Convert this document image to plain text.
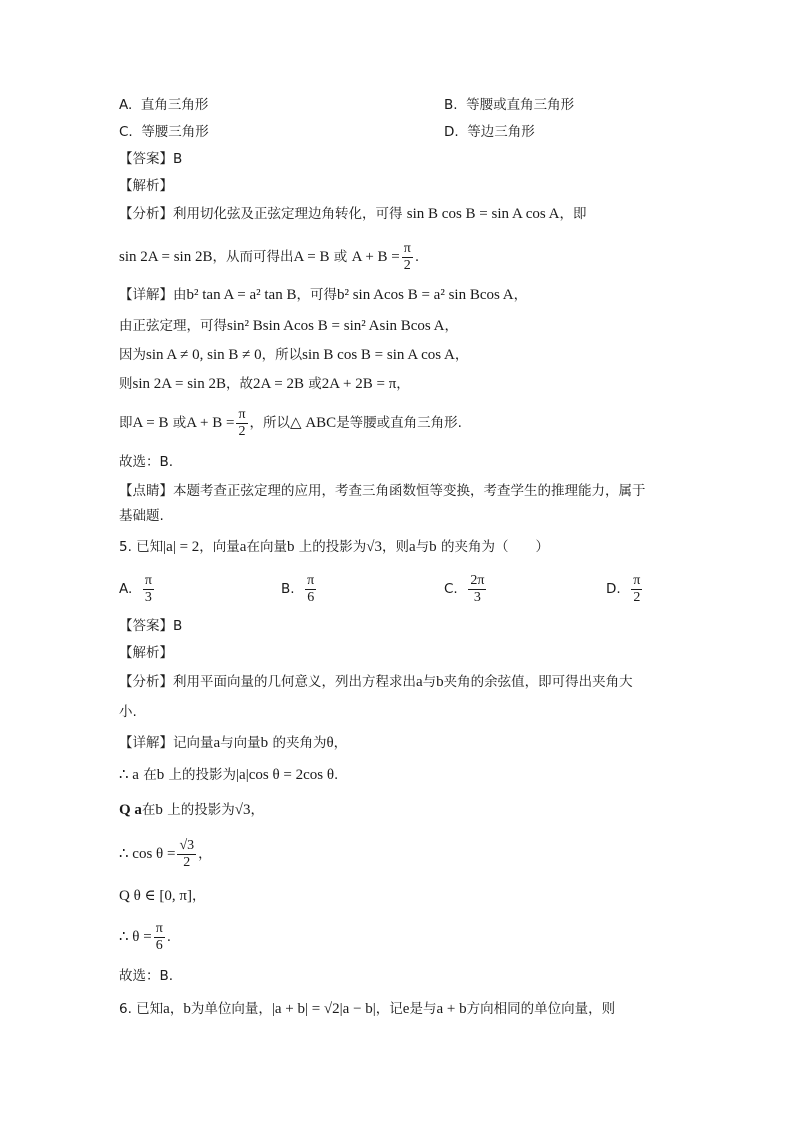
A. 直角三角形	B. 等腰或直角三角形
C. 等腰三角形	D. 等边三角形
【答案】B
【解析】
【分析】利用切化弦及正弦定理边角转化，可得 sin B cos B = sin A cos A，即
sin 2A = sin 2B，从而可得出A = B 或 $A + B = \frac{\pi}{2}$ .
【详解】由b² tan A = a² tan B，可得b² sin Acos B = a² sin Bcos A，
由正弦定理，可得sin² Bsin Acos B = sin² Asin Bcos A，
因为sin A ≠ 0, sin B ≠ 0，所以sin B cos B = sin A cos A，
则sin 2A = sin 2B，故2A = 2B 或2A + 2B = π，
即A = B 或$A + B = \frac{\pi}{2}$ ，所以△ ABC是等腰或直角三角形.
故选：B.
【点睛】本题考查正弦定理的应用，考查三角函数恒等变换，考查学生的推理能力，属于
基础题.
5. 已知|a| = 2，向量a在向量b 上的投影为√3，则a与b 的夹角为（　　）
A. $\frac{\pi}{3}$	B. $\frac{\pi}{6}$	C. $\frac{2\pi}{3}$	D. $\frac{\pi}{2}$
【答案】B
【解析】
【分析】利用平面向量的几何意义，列出方程求出a与b夹角的余弦值，即可得出夹角大
小.
【详解】记向量a与向量b 的夹角为θ，
∴ a 在b 上的投影为|a|cos θ = 2cos θ.
Q a在b 上的投影为√3，
∴ $\cos \theta = \frac{√3}{2}$ ，
Q θ ∈ [0, π]，
∴ $\theta = \frac{\pi}{6}$ .
故选：B.
6. 已知a，b为单位向量，|a + b| = √2|a − b|，记e是与a + b方向相同的单位向量，则
